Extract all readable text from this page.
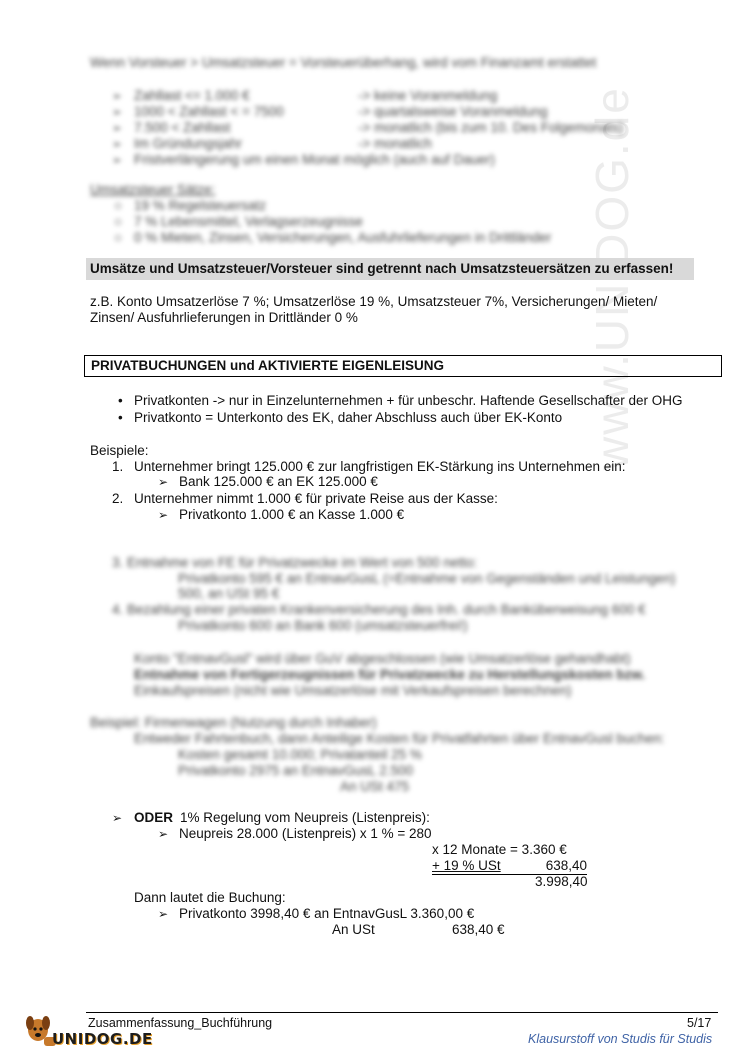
Wenn Vorsteuer > Umsatzsteuer = Vorsteuerüberhang, wird vom Finanzamt erstattet
➢ Zahllast <= 1.000 €	-> keine Voranmeldung
➢ 1000 < Zahllast < = 7500	-> quartalsweise Voranmeldung
➢ 7.500 < Zahllast	-> monatlich (bis zum 10. Des Folgemonats)
➢ Im Gründungsjahr	-> monatlich
➢ Fristverlängerung um einen Monat möglich (auch auf Dauer)
Umsatzsteuer Sätze:
○ 19 % Regelsteuersatz
○ 7 % Lebensmittel, Verlagserzeugnisse
○ 0 % Mieten, Zinsen, Versicherungen, Ausfuhrlieferungen in Drittländer
Umsätze und Umsatzsteuer/Vorsteuer sind getrennt nach Umsatzsteuersätzen zu erfassen!
z.B. Konto Umsatzerlöse 7 %; Umsatzerlöse 19 %, Umsatzsteuer 7%, Versicherungen/ Mieten/
Zinsen/ Ausfuhrlieferungen in Drittländer 0 %
PRIVATBUCHUNGEN und AKTIVIERTE EIGENLEISUNG
• Privatkonten -> nur in Einzelunternehmen + für unbeschr. Haftende Gesellschafter der OHG
• Privatkonto = Unterkonto des EK, daher Abschluss auch über EK-Konto
Beispiele:
1. Unternehmer bringt 125.000 € zur langfristigen EK-Stärkung ins Unternehmen ein:
➢ Bank 125.000 € an EK 125.000 €
2. Unternehmer nimmt 1.000 € für private Reise aus der Kasse:
➢ Privatkonto 1.000 € an Kasse 1.000 €
3. Entnahme von FE für Privatzwecke im Wert von 500 netto:
Privatkonto 595 € an EntnavGusL (=Entnahme von Gegenständen und Leistungen)
500, an USt 95 €
4. Bezahlung einer privaten Krankenversicherung des Inh. durch Banküberweisung 600 €
Privatkonto 600 an Bank 600 (umsatzsteuerfrei!)
Konto "EntnavGusl" wird über GuV abgeschlossen (wie Umsatzerlöse gehandhabt)
Entnahme von Fertigerzeugnissen für Privatzwecke zu Herstellungskosten bzw.
Einkaufspreisen (nicht wie Umsatzerlöse mit Verkaufspreisen berechnen)
Beispiel: Firmenwagen (Nutzung durch Inhaber)
Entweder Fahrtenbuch, dann Anteilige Kosten für Privatfahrten über EntnavGusl buchen:
Kosten gesamt 10.000; Privatanteil 25 %
Privatkonto 2975 an EntnavGusL 2.500
An USt 475
➢ ODER 1% Regelung vom Neupreis (Listenpreis):
➢ Neupreis 28.000 (Listenpreis) x 1 % = 280
x 12 Monate = 3.360 €
+ 19 % USt	638,40
3.998,40
Dann lautet die Buchung:
➢ Privatkonto 3998,40 € an EntnavGusL 3.360,00 €
An USt	638,40 €
Zusammenfassung_Buchführung	5/17
UNIDOG.DE	Klausurstoff von Studis für Studis
